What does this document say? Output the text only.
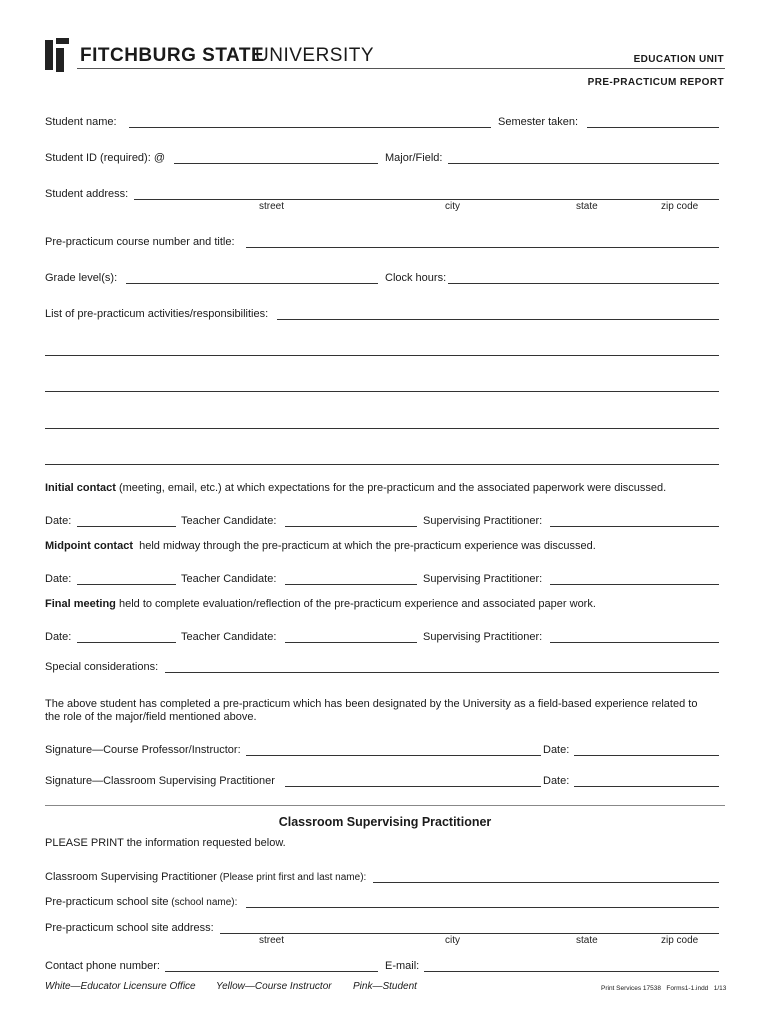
FITCHBURG STATE
UNIVERSITY	EDUCATION UNIT
PRE-PRACTICUM REPORT
Student name:	Semester taken:
Student ID (required): @	Major/Field:
Student address:
street	city	state	zip code
Pre-practicum course number and title:
Grade level(s):	Clock hours:
List of pre-practicum activities/responsibilities:
Initial contact (meeting, email, etc.) at which expectations for the pre-practicum and the associated paperwork were discussed.
Date:	Teacher Candidate:	Supervising Practitioner:
Midpoint contact  held midway through the pre-practicum at which the pre-practicum experience was discussed.
Date:	Teacher Candidate:	Supervising Practitioner:
Final meeting held to complete evaluation/reflection of the pre-practicum experience and associated paper work.
Date:	Teacher Candidate:	Supervising Practitioner:
Special considerations:
The above student has completed a pre-practicum which has been designated by the University as a field-based experience related to
the role of the major/field mentioned above.
Signature—Course Professor/Instructor:	Date:
Signature—Classroom Supervising Practitioner	Date:
Classroom Supervising Practitioner
PLEASE PRINT the information requested below.
Classroom Supervising Practitioner (Please print first and last name):
Pre-practicum school site (school name):
Pre-practicum school site address:
street	city	state	zip code
Contact phone number:	E-mail:
White—Educator Licensure Office Yellow—Course Instructor Pink—Student	Print Services 17538   Forms1-1.indd   1/13
